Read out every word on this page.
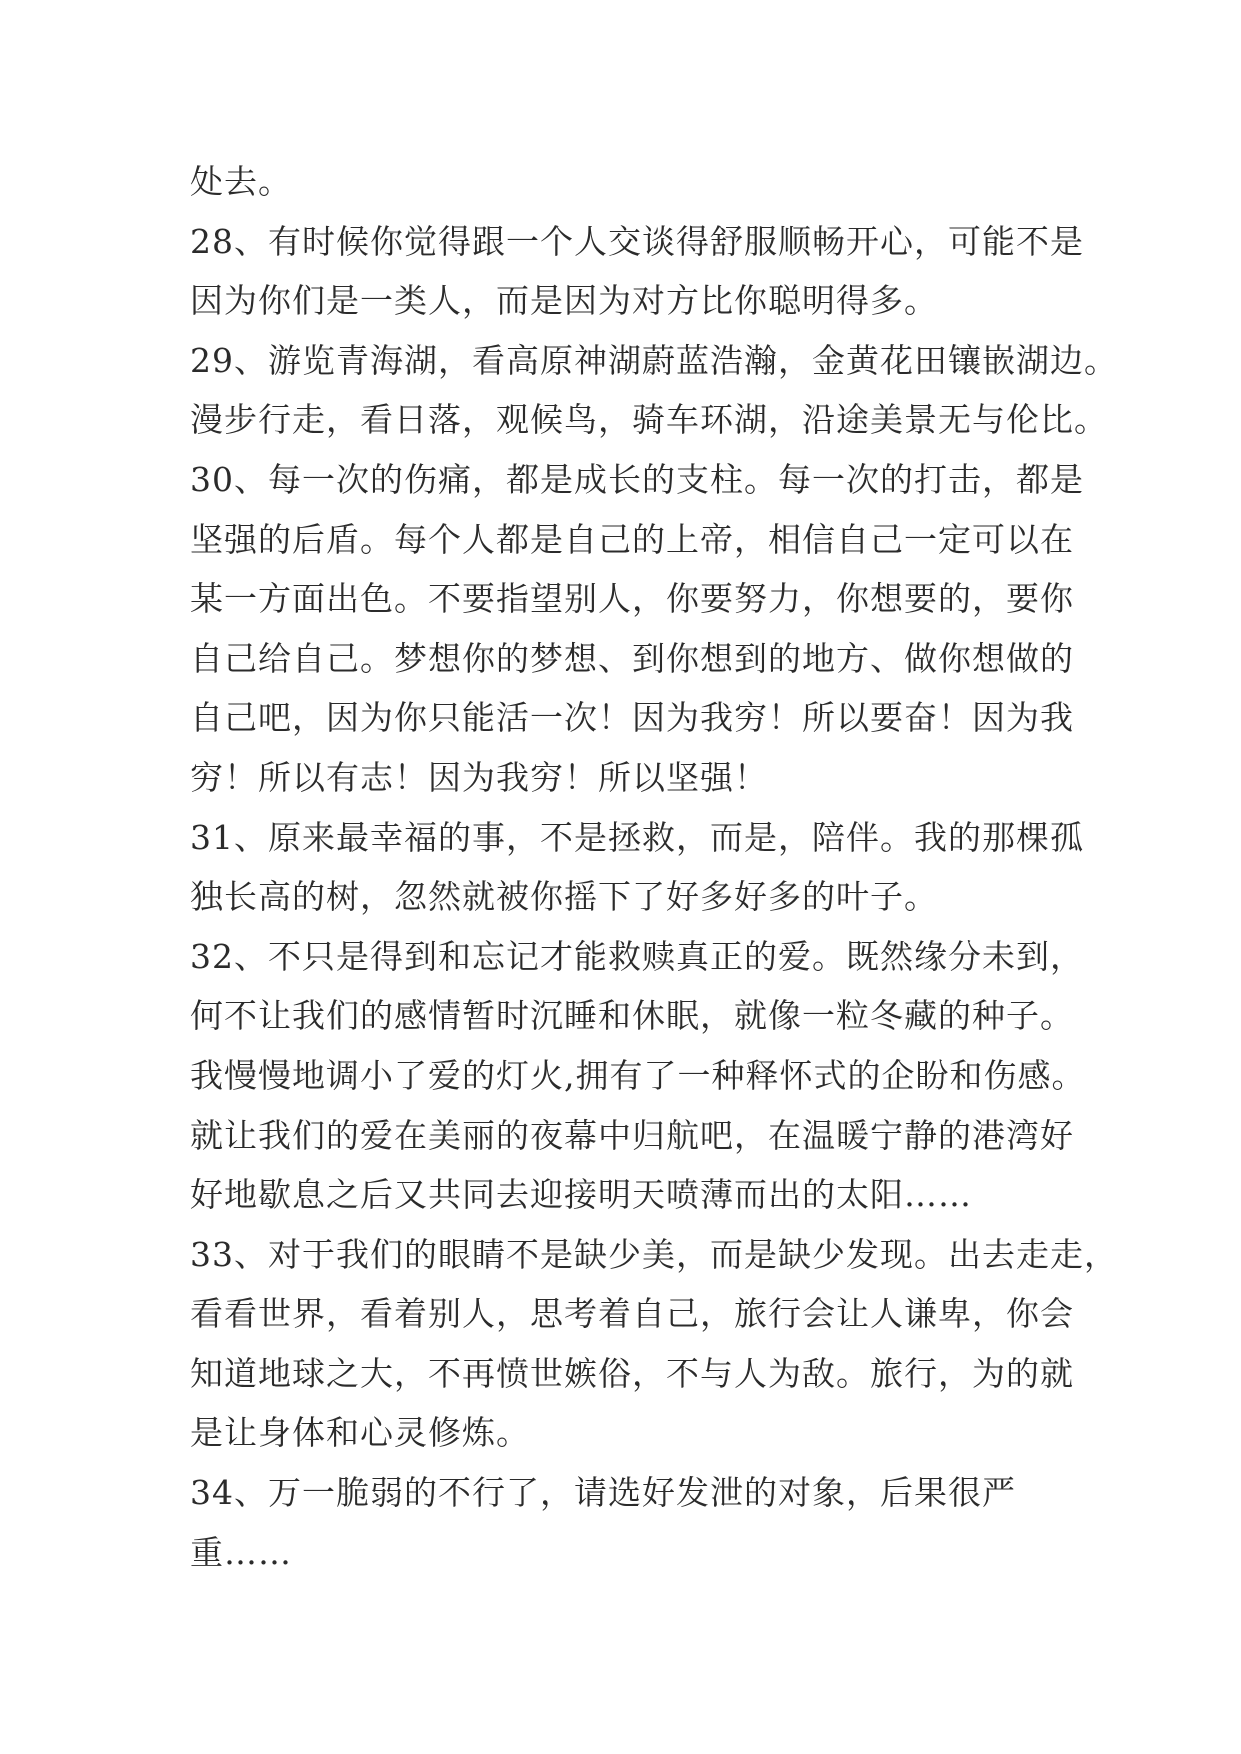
处去。
28、有时候你觉得跟一个人交谈得舒服顺畅开心，可能不是
因为你们是一类人，而是因为对方比你聪明得多。
29、游览青海湖，看高原神湖蔚蓝浩瀚，金黄花田镶嵌湖边。
漫步行走，看日落，观候鸟，骑车环湖，沿途美景无与伦比。
30、每一次的伤痛，都是成长的支柱。每一次的打击，都是
坚强的后盾。每个人都是自己的上帝，相信自己一定可以在
某一方面出色。不要指望别人，你要努力，你想要的，要你
自己给自己。梦想你的梦想、到你想到的地方、做你想做的
自己吧，因为你只能活一次！因为我穷！所以要奋！因为我
穷！所以有志！因为我穷！所以坚强！
31、原来最幸福的事，不是拯救，而是，陪伴。我的那棵孤
独长高的树，忽然就被你摇下了好多好多的叶子。
32、不只是得到和忘记才能救赎真正的爱。既然缘分未到，
何不让我们的感情暂时沉睡和休眠，就像一粒冬藏的种子。
我慢慢地调小了爱的灯火,拥有了一种释怀式的企盼和伤感。
就让我们的爱在美丽的夜幕中归航吧，在温暖宁静的港湾好
好地歇息之后又共同去迎接明天喷薄而出的太阳……
33、对于我们的眼睛不是缺少美，而是缺少发现。出去走走，
看看世界，看着别人，思考着自己，旅行会让人谦卑，你会
知道地球之大，不再愤世嫉俗，不与人为敌。旅行，为的就
是让身体和心灵修炼。
34、万一脆弱的不行了，请选好发泄的对象，后果很严
重……
